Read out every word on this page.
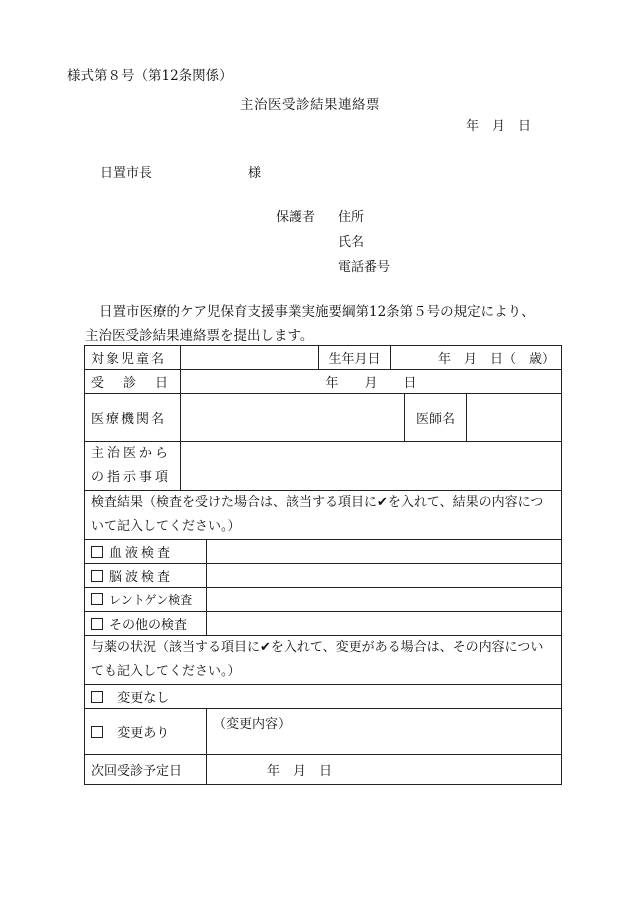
様式第８号（第12条関係）
主治医受診結果連絡票
年　月　日
日置市長	様
保護者 住所
氏名
電話番号
日置市医療的ケア児保育支援事業実施要綱第12条第５号の規定により、
主治医受診結果連絡票を提出します。
対象児童名			生年月日	年　月　日（　歳）		
受　診　日	年　　月　　日					
医療機関名					医師名	

主治医から
の指示事項						

検査結果（検査を受けた場合は、該当する項目に✔を入れて、結果の内容について記入してください。）						
血液検査						
脳波検査						
レントゲン検査						
その他の検査						
与薬の状況（該当する項目に✔を入れて、変更がある場合は、その内容についても記入してください。）						
変更なし						
変更あり		（変更内容）				
次回受診予定日		年　月　日				
